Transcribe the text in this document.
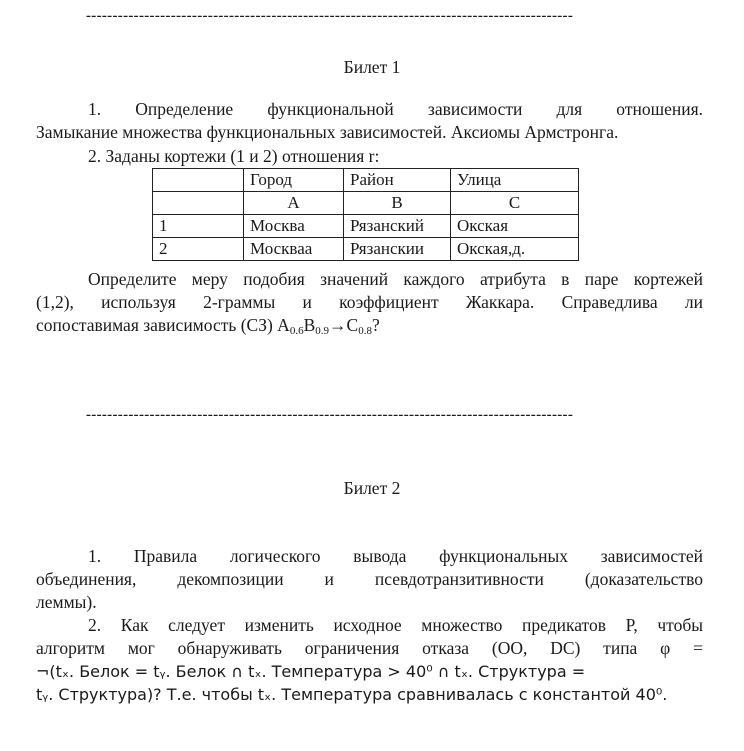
--------------------------------------------------------------------------------------------
Билет 1
1. Определение функциональной зависимости для отношения.
Замыкание множества функциональных зависимостей. Аксиомы Армстронга.
2. Заданы кортежи (1 и 2) отношения r:
	Город	Район	Улица
	A	B	C
1	Москва	Рязанский	Окская
2	Москваа	Рязанскии	Окская,д.
Определите меру подобия значений каждого атрибута в паре кортежей
(1,2), используя 2-граммы и коэффициент Жаккара. Справедлива ли
сопоставимая зависимость (СЗ) $A_{0.6}B_{0.9}\to C_{0.8}$?
--------------------------------------------------------------------------------------------
Билет 2
1. Правила логического вывода функциональных зависимостей
объединения, декомпозиции и псевдотранзитивности (доказательство
леммы).
2. Как следует изменить исходное множество предикатов P, чтобы
алгоритм мог обнаруживать ограничения отказа (ОО, DC) типа φ =
¬(tₓ. Белок = tᵧ. Белок ∩ tₓ. Температура > 40⁰ ∩ tₓ. Структура =
tᵧ. Структура)? Т.е. чтобы tₓ. Температура сравнивалась с константой 40⁰.
